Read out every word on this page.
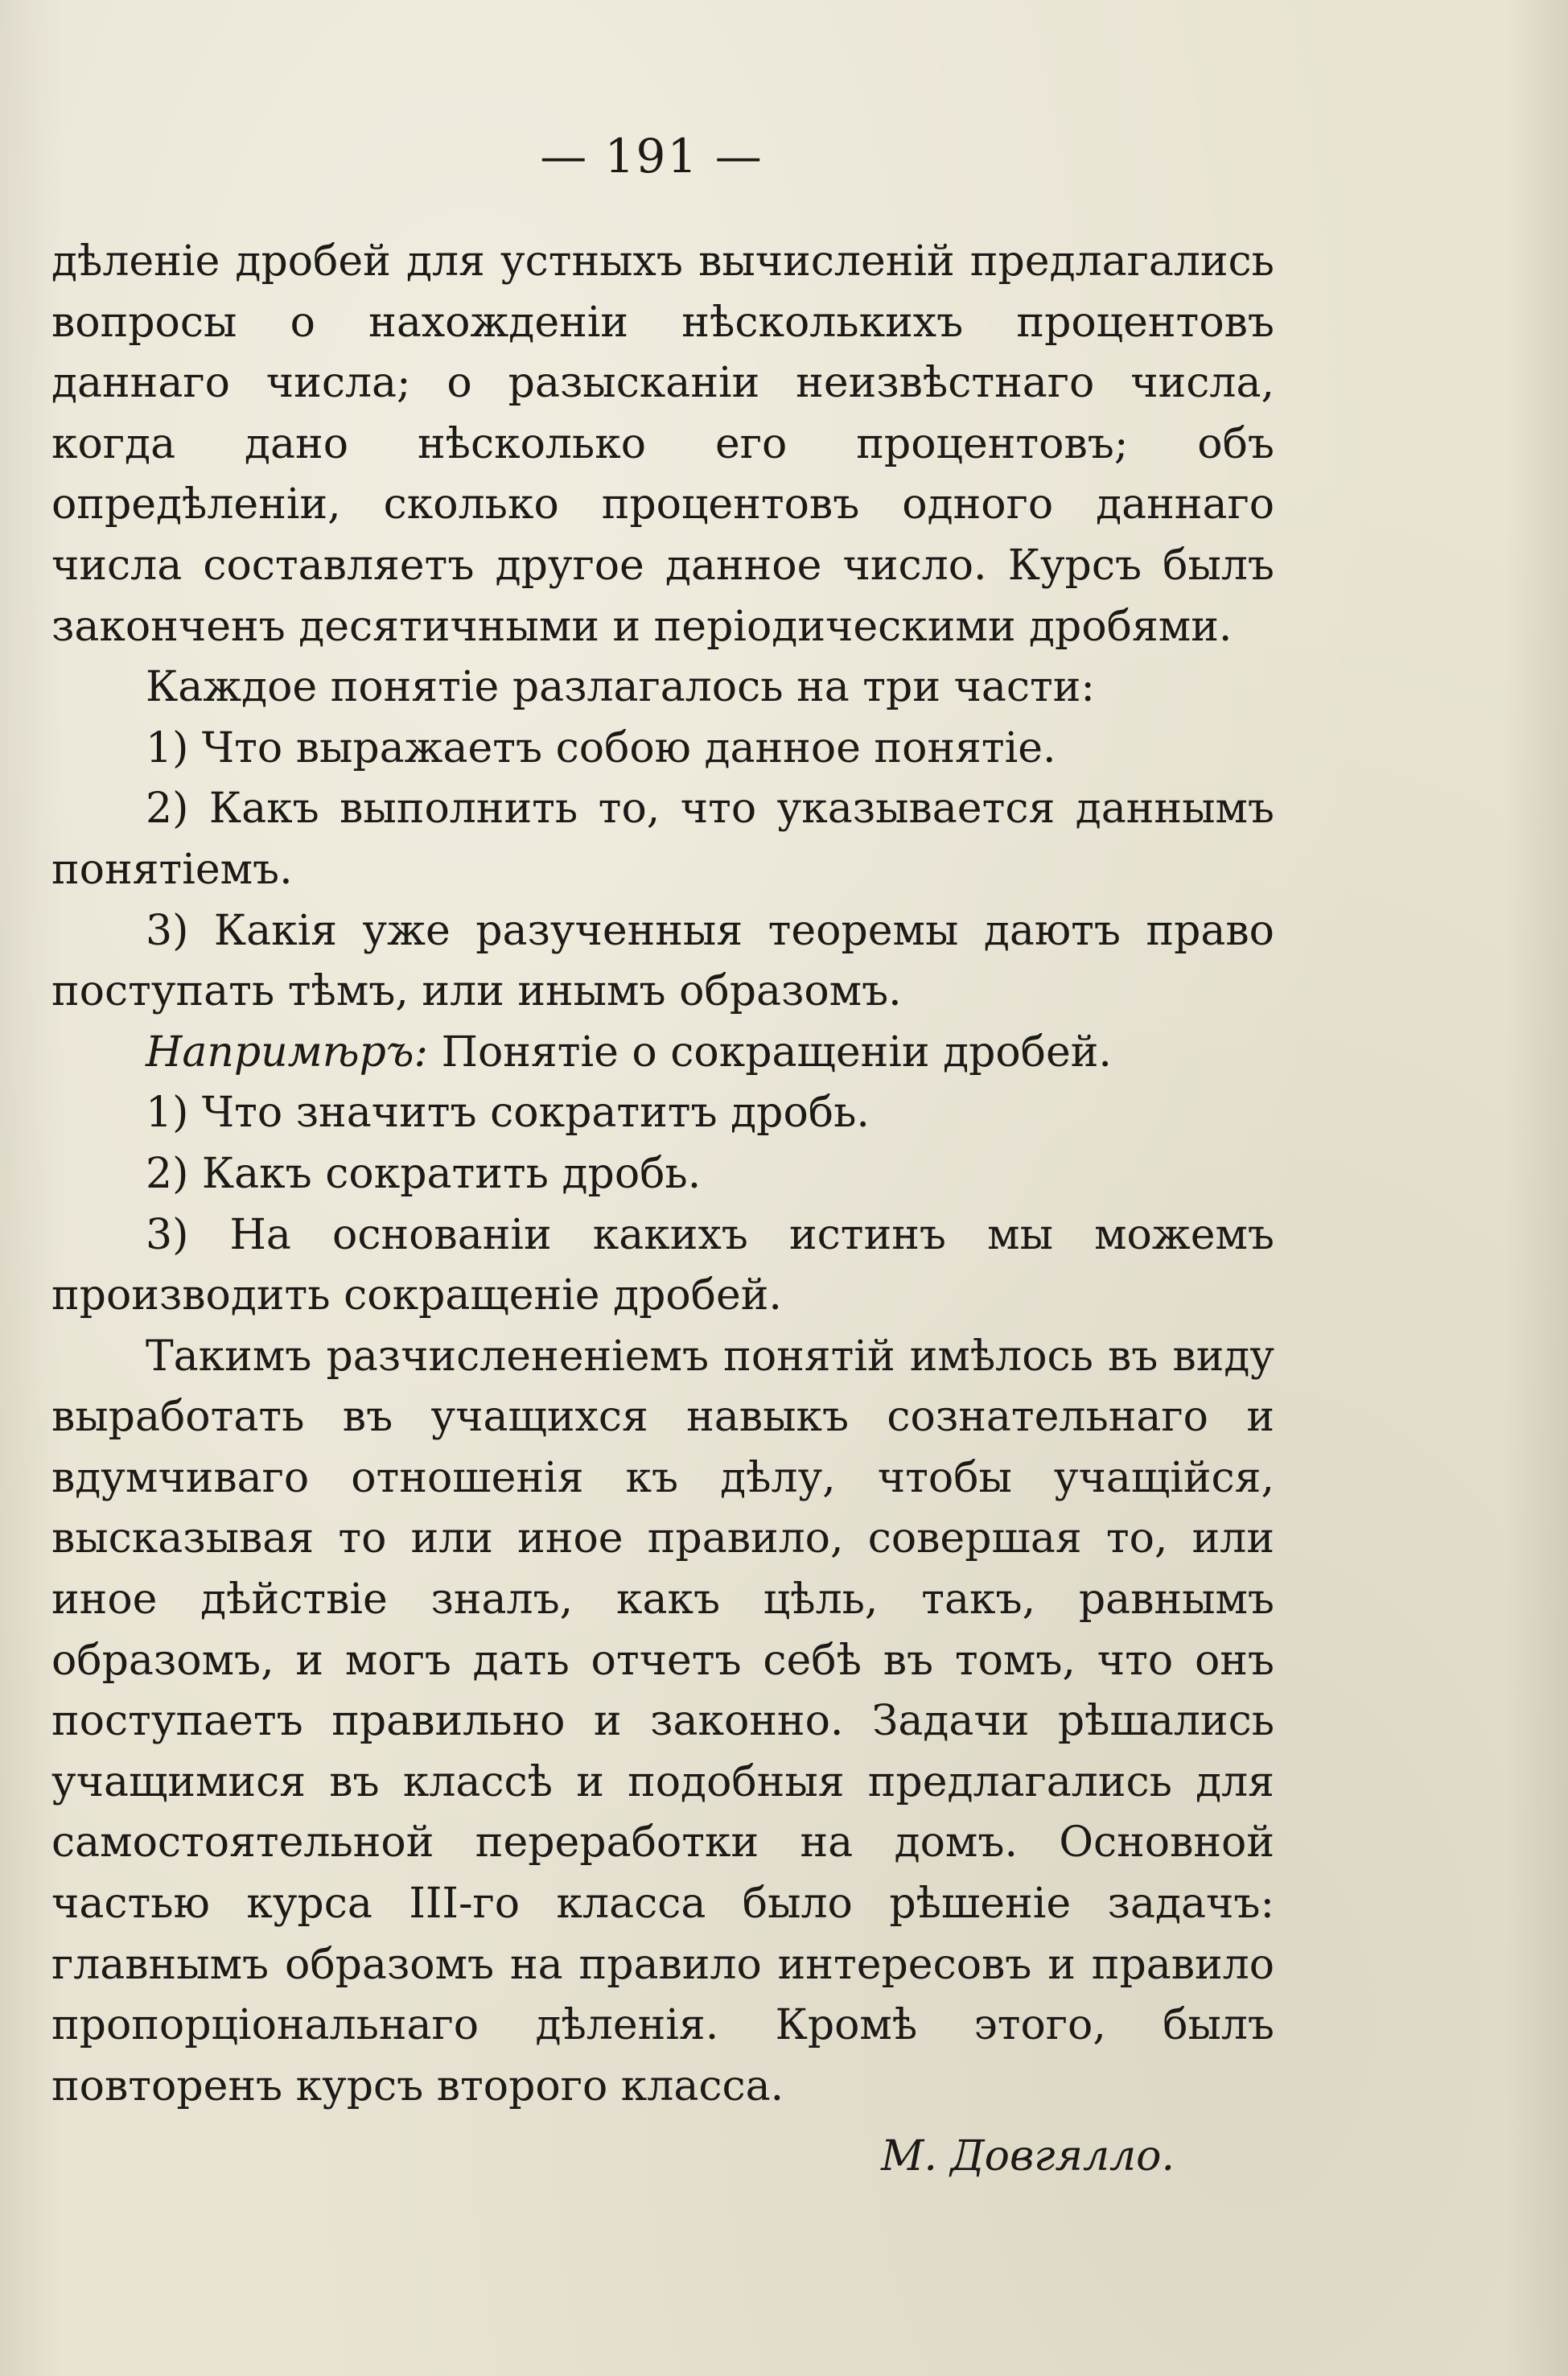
— 191 —

дѣленіе дробей для устныхъ вычисленій предлагались вопросы о нахожденіи нѣсколькихъ процентовъ даннаго числа; о разысканіи неизвѣстнаго числа, когда дано нѣсколько его процентовъ; объ опредѣленіи, сколько процентовъ одного даннаго числа составляетъ другое данное число. Курсъ былъ законченъ десятичными и періодическими дробями.

Каждое понятіе разлагалось на три части:

1) Что выражаетъ собою данное понятіе.

2) Какъ выполнить то, что указывается даннымъ понятіемъ.

3) Какія уже разученныя теоремы даютъ право поступать тѣмъ, или инымъ образомъ.

Напримѣръ: Понятіе о сокращеніи дробей.

1) Что значитъ сократитъ дробь.

2) Какъ сократить дробь.

3) На основаніи какихъ истинъ мы можемъ производить сокращеніе дробей.

Такимъ разчислененіемъ понятій имѣлось въ виду выработать въ учащихся навыкъ сознательнаго и вдумчиваго отношенія къ дѣлу, чтобы учащійся, высказывая то или иное правило, совершая то, или иное дѣйствіе зналъ, какъ цѣль, такъ, равнымъ образомъ, и могъ дать отчетъ себѣ въ томъ, что онъ поступаетъ правильно и законно. Задачи рѣшались учащимися въ классѣ и подобныя предлагались для самостоятельной переработки на домъ. Основной частью курса III-го класса было рѣшеніе задачъ: главнымъ образомъ на правило интересовъ и правило пропорціональнаго дѣленія. Кромѣ этого, былъ повторенъ курсъ второго класса.

М. Довгялло.
